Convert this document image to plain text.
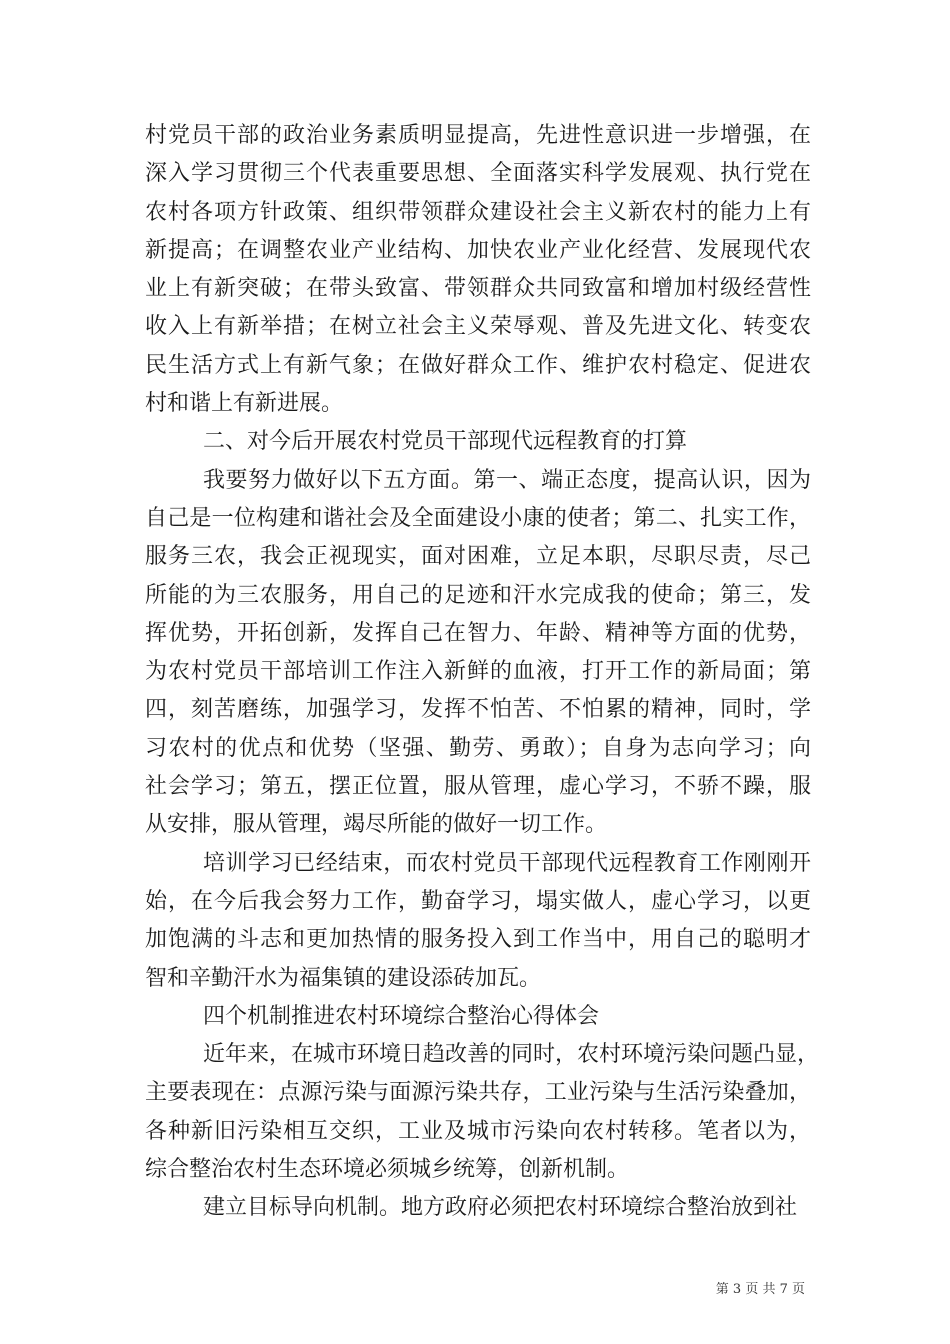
村党员干部的政治业务素质明显提高，先进性意识进一步增强，在
深入学习贯彻三个代表重要思想、全面落实科学发展观、执行党在
农村各项方针政策、组织带领群众建设社会主义新农村的能力上有
新提高；在调整农业产业结构、加快农业产业化经营、发展现代农
业上有新突破；在带头致富、带领群众共同致富和增加村级经营性
收入上有新举措；在树立社会主义荣辱观、普及先进文化、转变农
民生活方式上有新气象；在做好群众工作、维护农村稳定、促进农
村和谐上有新进展。
二、对今后开展农村党员干部现代远程教育的打算
我要努力做好以下五方面。第一、端正态度，提高认识，因为
自己是一位构建和谐社会及全面建设小康的使者；第二、扎实工作，
服务三农，我会正视现实，面对困难，立足本职，尽职尽责，尽己
所能的为三农服务，用自己的足迹和汗水完成我的使命；第三，发
挥优势，开拓创新，发挥自己在智力、年龄、精神等方面的优势，
为农村党员干部培训工作注入新鲜的血液，打开工作的新局面；第
四，刻苦磨练，加强学习，发挥不怕苦、不怕累的精神，同时，学
习农村的优点和优势（坚强、勤劳、勇敢）；自身为志向学习；向
社会学习；第五，摆正位置，服从管理，虚心学习，不骄不躁，服
从安排，服从管理，竭尽所能的做好一切工作。
培训学习已经结束，而农村党员干部现代远程教育工作刚刚开
始，在今后我会努力工作，勤奋学习，塌实做人，虚心学习，以更
加饱满的斗志和更加热情的服务投入到工作当中，用自己的聪明才
智和辛勤汗水为福集镇的建设添砖加瓦。
四个机制推进农村环境综合整治心得体会
近年来，在城市环境日趋改善的同时，农村环境污染问题凸显，
主要表现在：点源污染与面源污染共存，工业污染与生活污染叠加，
各种新旧污染相互交织，工业及城市污染向农村转移。笔者以为，
综合整治农村生态环境必须城乡统筹，创新机制。
建立目标导向机制。地方政府必须把农村环境综合整治放到社
第 3 页 共 7 页
